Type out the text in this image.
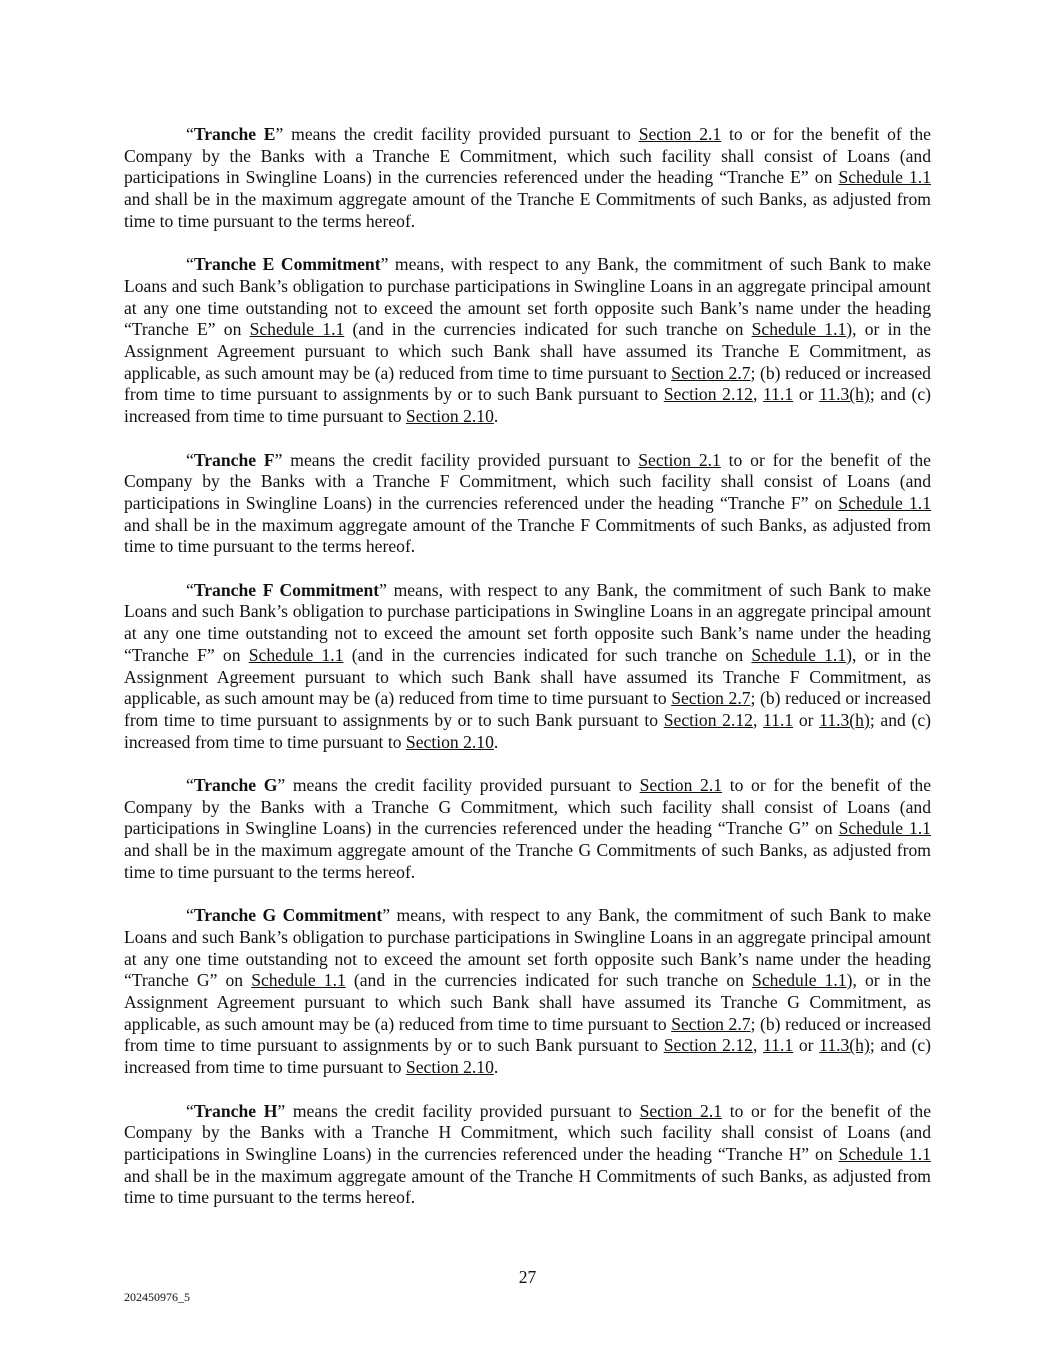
“Tranche E” means the credit facility provided pursuant to Section 2.1 to or for the benefit of the Company by the Banks with a Tranche E Commitment, which such facility shall consist of Loans (and participations in Swingline Loans) in the currencies referenced under the heading “Tranche E” on Schedule 1.1 and shall be in the maximum aggregate amount of the Tranche E Commitments of such Banks, as adjusted from time to time pursuant to the terms hereof.

“Tranche E Commitment” means, with respect to any Bank, the commitment of such Bank to make Loans and such Bank’s obligation to purchase participations in Swingline Loans in an aggregate principal amount at any one time outstanding not to exceed the amount set forth opposite such Bank’s name under the heading “Tranche E” on Schedule 1.1 (and in the currencies indicated for such tranche on Schedule 1.1), or in the Assignment Agreement pursuant to which such Bank shall have assumed its Tranche E Commitment, as applicable, as such amount may be (a) reduced from time to time pursuant to Section 2.7; (b) reduced or increased from time to time pursuant to assignments by or to such Bank pursuant to Section 2.12, 11.1 or 11.3(h); and (c) increased from time to time pursuant to Section 2.10.

“Tranche F” means the credit facility provided pursuant to Section 2.1 to or for the benefit of the Company by the Banks with a Tranche F Commitment, which such facility shall consist of Loans (and participations in Swingline Loans) in the currencies referenced under the heading “Tranche F” on Schedule 1.1 and shall be in the maximum aggregate amount of the Tranche F Commitments of such Banks, as adjusted from time to time pursuant to the terms hereof.

“Tranche F Commitment” means, with respect to any Bank, the commitment of such Bank to make Loans and such Bank’s obligation to purchase participations in Swingline Loans in an aggregate principal amount at any one time outstanding not to exceed the amount set forth opposite such Bank’s name under the heading “Tranche F” on Schedule 1.1 (and in the currencies indicated for such tranche on Schedule 1.1), or in the Assignment Agreement pursuant to which such Bank shall have assumed its Tranche F Commitment, as applicable, as such amount may be (a) reduced from time to time pursuant to Section 2.7; (b) reduced or increased from time to time pursuant to assignments by or to such Bank pursuant to Section 2.12, 11.1 or 11.3(h); and (c) increased from time to time pursuant to Section 2.10.

“Tranche G” means the credit facility provided pursuant to Section 2.1 to or for the benefit of the Company by the Banks with a Tranche G Commitment, which such facility shall consist of Loans (and participations in Swingline Loans) in the currencies referenced under the heading “Tranche G” on Schedule 1.1 and shall be in the maximum aggregate amount of the Tranche G Commitments of such Banks, as adjusted from time to time pursuant to the terms hereof.

“Tranche G Commitment” means, with respect to any Bank, the commitment of such Bank to make Loans and such Bank’s obligation to purchase participations in Swingline Loans in an aggregate principal amount at any one time outstanding not to exceed the amount set forth opposite such Bank’s name under the heading “Tranche G” on Schedule 1.1 (and in the currencies indicated for such tranche on Schedule 1.1), or in the Assignment Agreement pursuant to which such Bank shall have assumed its Tranche G Commitment, as applicable, as such amount may be (a) reduced from time to time pursuant to Section 2.7; (b) reduced or increased from time to time pursuant to assignments by or to such Bank pursuant to Section 2.12, 11.1 or 11.3(h); and (c) increased from time to time pursuant to Section 2.10.

“Tranche H” means the credit facility provided pursuant to Section 2.1 to or for the benefit of the Company by the Banks with a Tranche H Commitment, which such facility shall consist of Loans (and participations in Swingline Loans) in the currencies referenced under the heading “Tranche H” on Schedule 1.1 and shall be in the maximum aggregate amount of the Tranche H Commitments of such Banks, as adjusted from time to time pursuant to the terms hereof.

27
202450976_5
